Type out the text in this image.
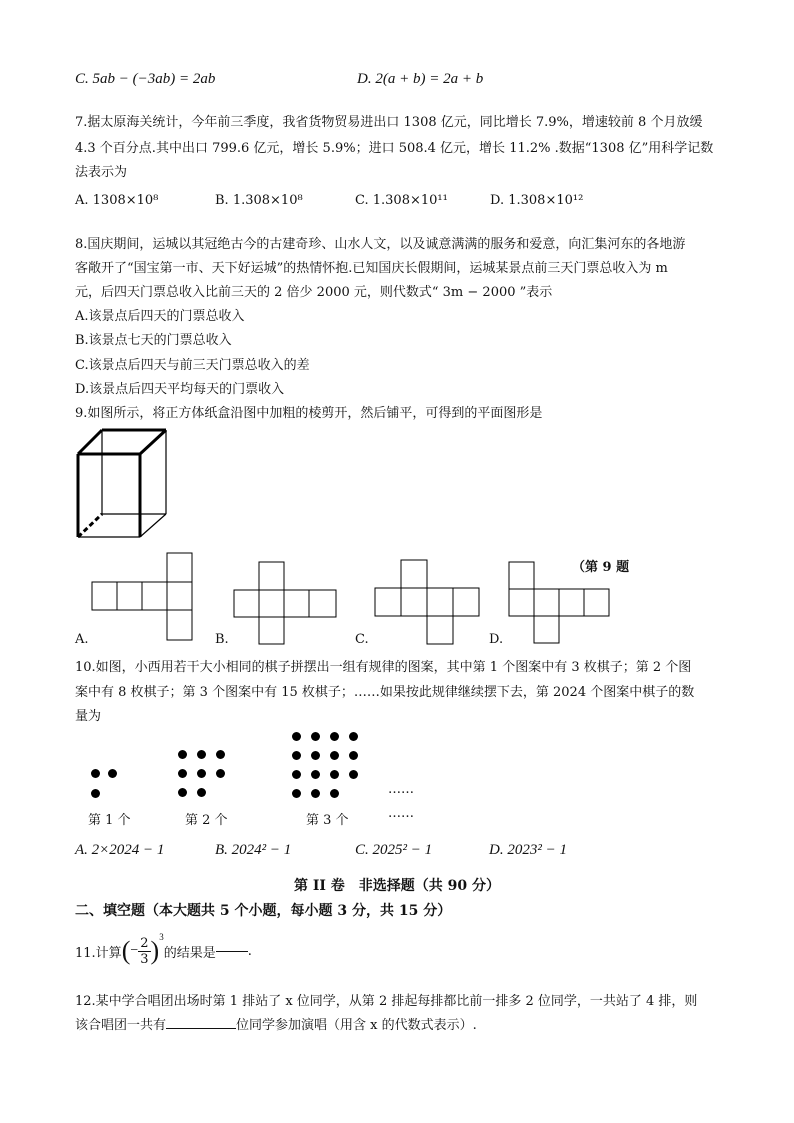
C. 5ab − (−3ab) = 2ab	D. 2(a + b) = 2a + b
7.据太原海关统计，今年前三季度，我省货物贸易进出口 1308 亿元，同比增长 7.9%，增速较前 8 个月放缓
4.3 个百分点.其中出口 799.6 亿元，增长 5.9%；进口 508.4 亿元，增长 11.2% .数据“1308 亿”用科学记数
法表示为
A. 1308×10⁸	B. 1.308×10⁸	C. 1.308×10¹¹	D. 1.308×10¹²
8.国庆期间，运城以其冠绝古今的古建奇珍、山水人文，以及诚意满满的服务和爱意，向汇集河东的各地游
客敞开了“国宝第一市、天下好运城”的热情怀抱.已知国庆长假期间，运城某景点前三天门票总收入为 m
元，后四天门票总收入比前三天的 2 倍少 2000 元，则代数式“ 3m − 2000 ”表示
A.该景点后四天的门票总收入
B.该景点七天的门票总收入
C.该景点后四天与前三天门票总收入的差
D.该景点后四天平均每天的门票收入
9.如图所示，将正方体纸盒沿图中加粗的棱剪开，然后铺平，可得到的平面图形是
（第 9 题
A.	B.	C.	D.
10.如图，小西用若干大小相同的棋子拼摆出一组有规律的图案，其中第 1 个图案中有 3 枚棋子；第 2 个图
案中有 8 枚棋子；第 3 个图案中有 15 枚棋子；……如果按此规律继续摆下去，第 2024 个图案中棋子的数
量为
第 1 个	第 2 个	第 3 个
……
……
A. 2×2024 − 1	B. 2024² − 1	C. 2025² − 1	D. 2023² − 1
第 II 卷　非选择题（共 90 分）
二、填空题（本大题共 5 个小题，每小题 3 分，共 15 分）
11.计算 ( − $\frac{2}{3}$ ) 3
的结果是 .
12.某中学合唱团出场时第 1 排站了 x 位同学，从第 2 排起每排都比前一排多 2 位同学，一共站了 4 排，则
该合唱团一共有	位同学参加演唱（用含 x 的代数式表示）.
